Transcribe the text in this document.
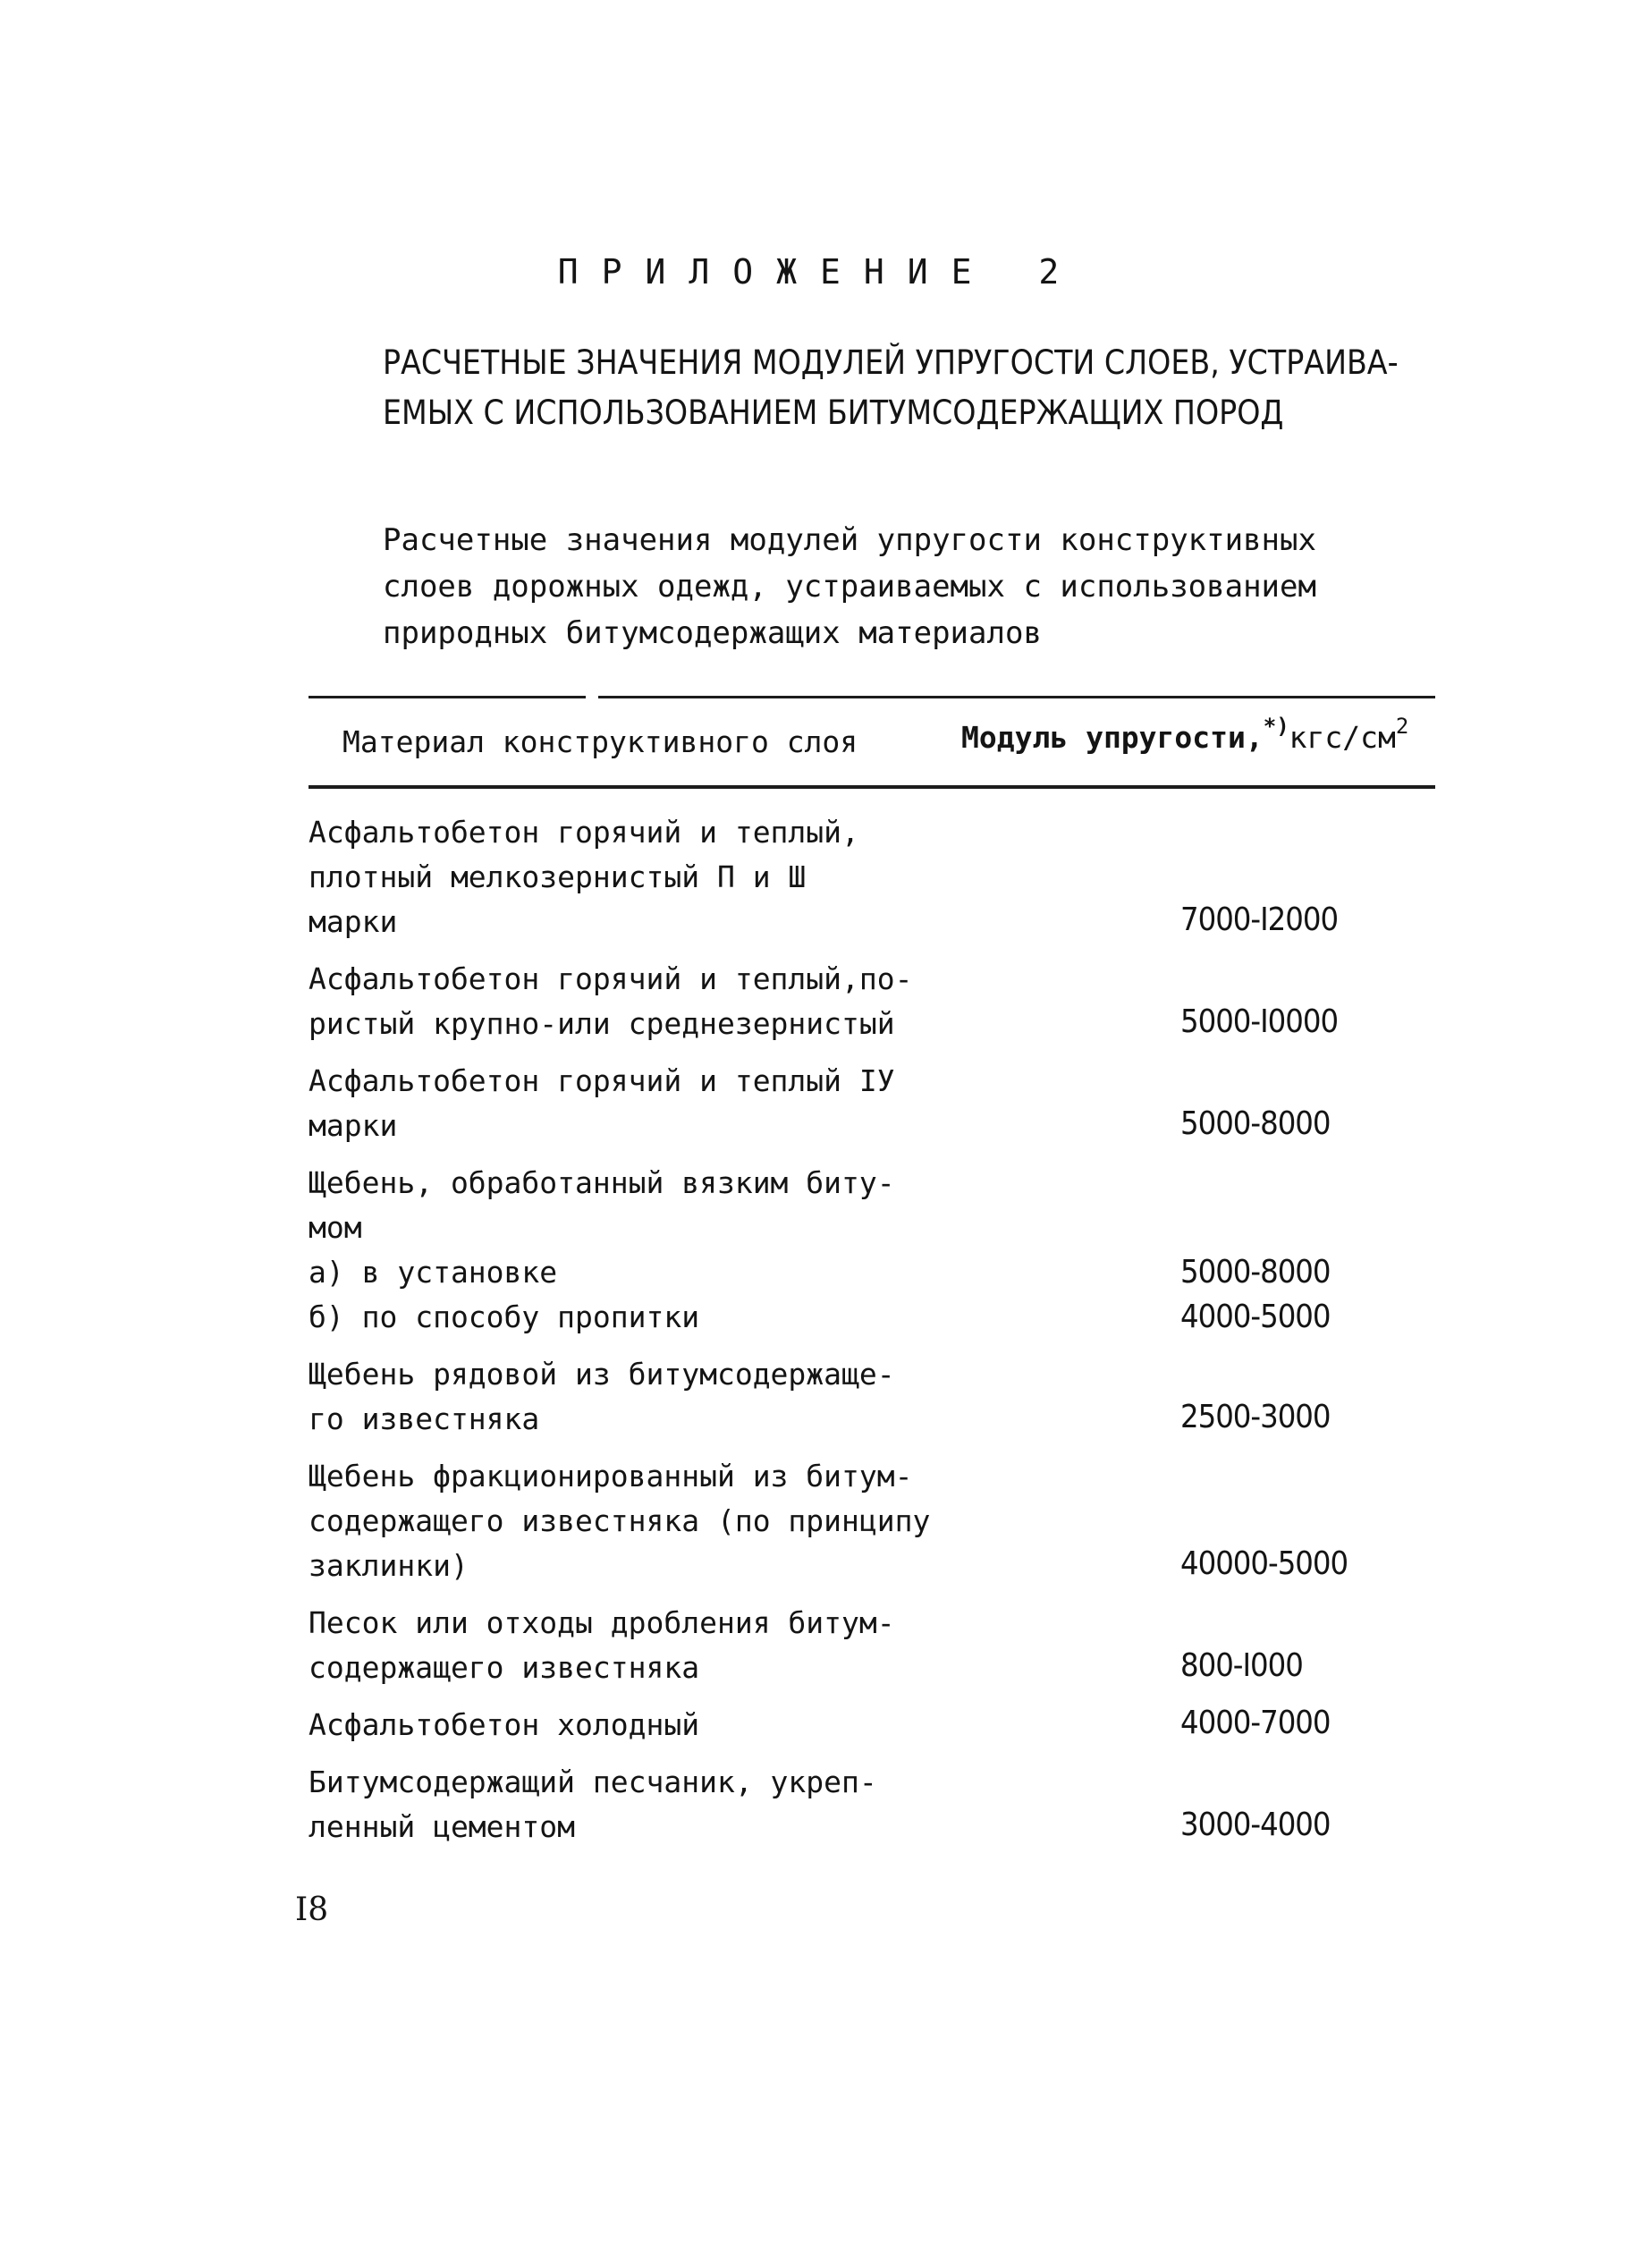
ПРИЛОЖЕНИЕ 2
РАСЧЕТНЫЕ ЗНАЧЕНИЯ МОДУЛЕЙ УПРУГОСТИ СЛОЕВ, УСТРАИВА-
ЕМЫХ С ИСПОЛЬЗОВАНИЕМ БИТУМСОДЕРЖАЩИХ ПОРОД
Расчетные значения модулей упругости конструктивных
слоев дорожных одежд, устраиваемых с использованием
природных битумсодержащих материалов
Материал конструктивного слоя	Модуль $упругости,^{*)}кгс/см^2$
Асфальтобетон горячий и теплый,
плотный мелкозернистый П и Ш
марки	7000-I2000
Асфальтобетон горячий и теплый,по-
ристый крупно-или среднезернистый	5000-I0000
Асфальтобетон горячий и теплый IУ
марки	5000-8000
Щебень, обработанный вязким биту-
мом
а) в установке	5000-8000
б) по способу пропитки	4000-5000
Щебень рядовой из битумсодержаще-
го известняка	2500-3000
Щебень фракционированный из битум-
содержащего известняка (по принципу
заклинки)	40000-5000
Песок или отходы дробления битум-
содержащего известняка	800-I000
Асфальтобетон холодный	4000-7000
Битумсодержащий песчаник, укреп-
ленный цементом	3000-4000
I8
